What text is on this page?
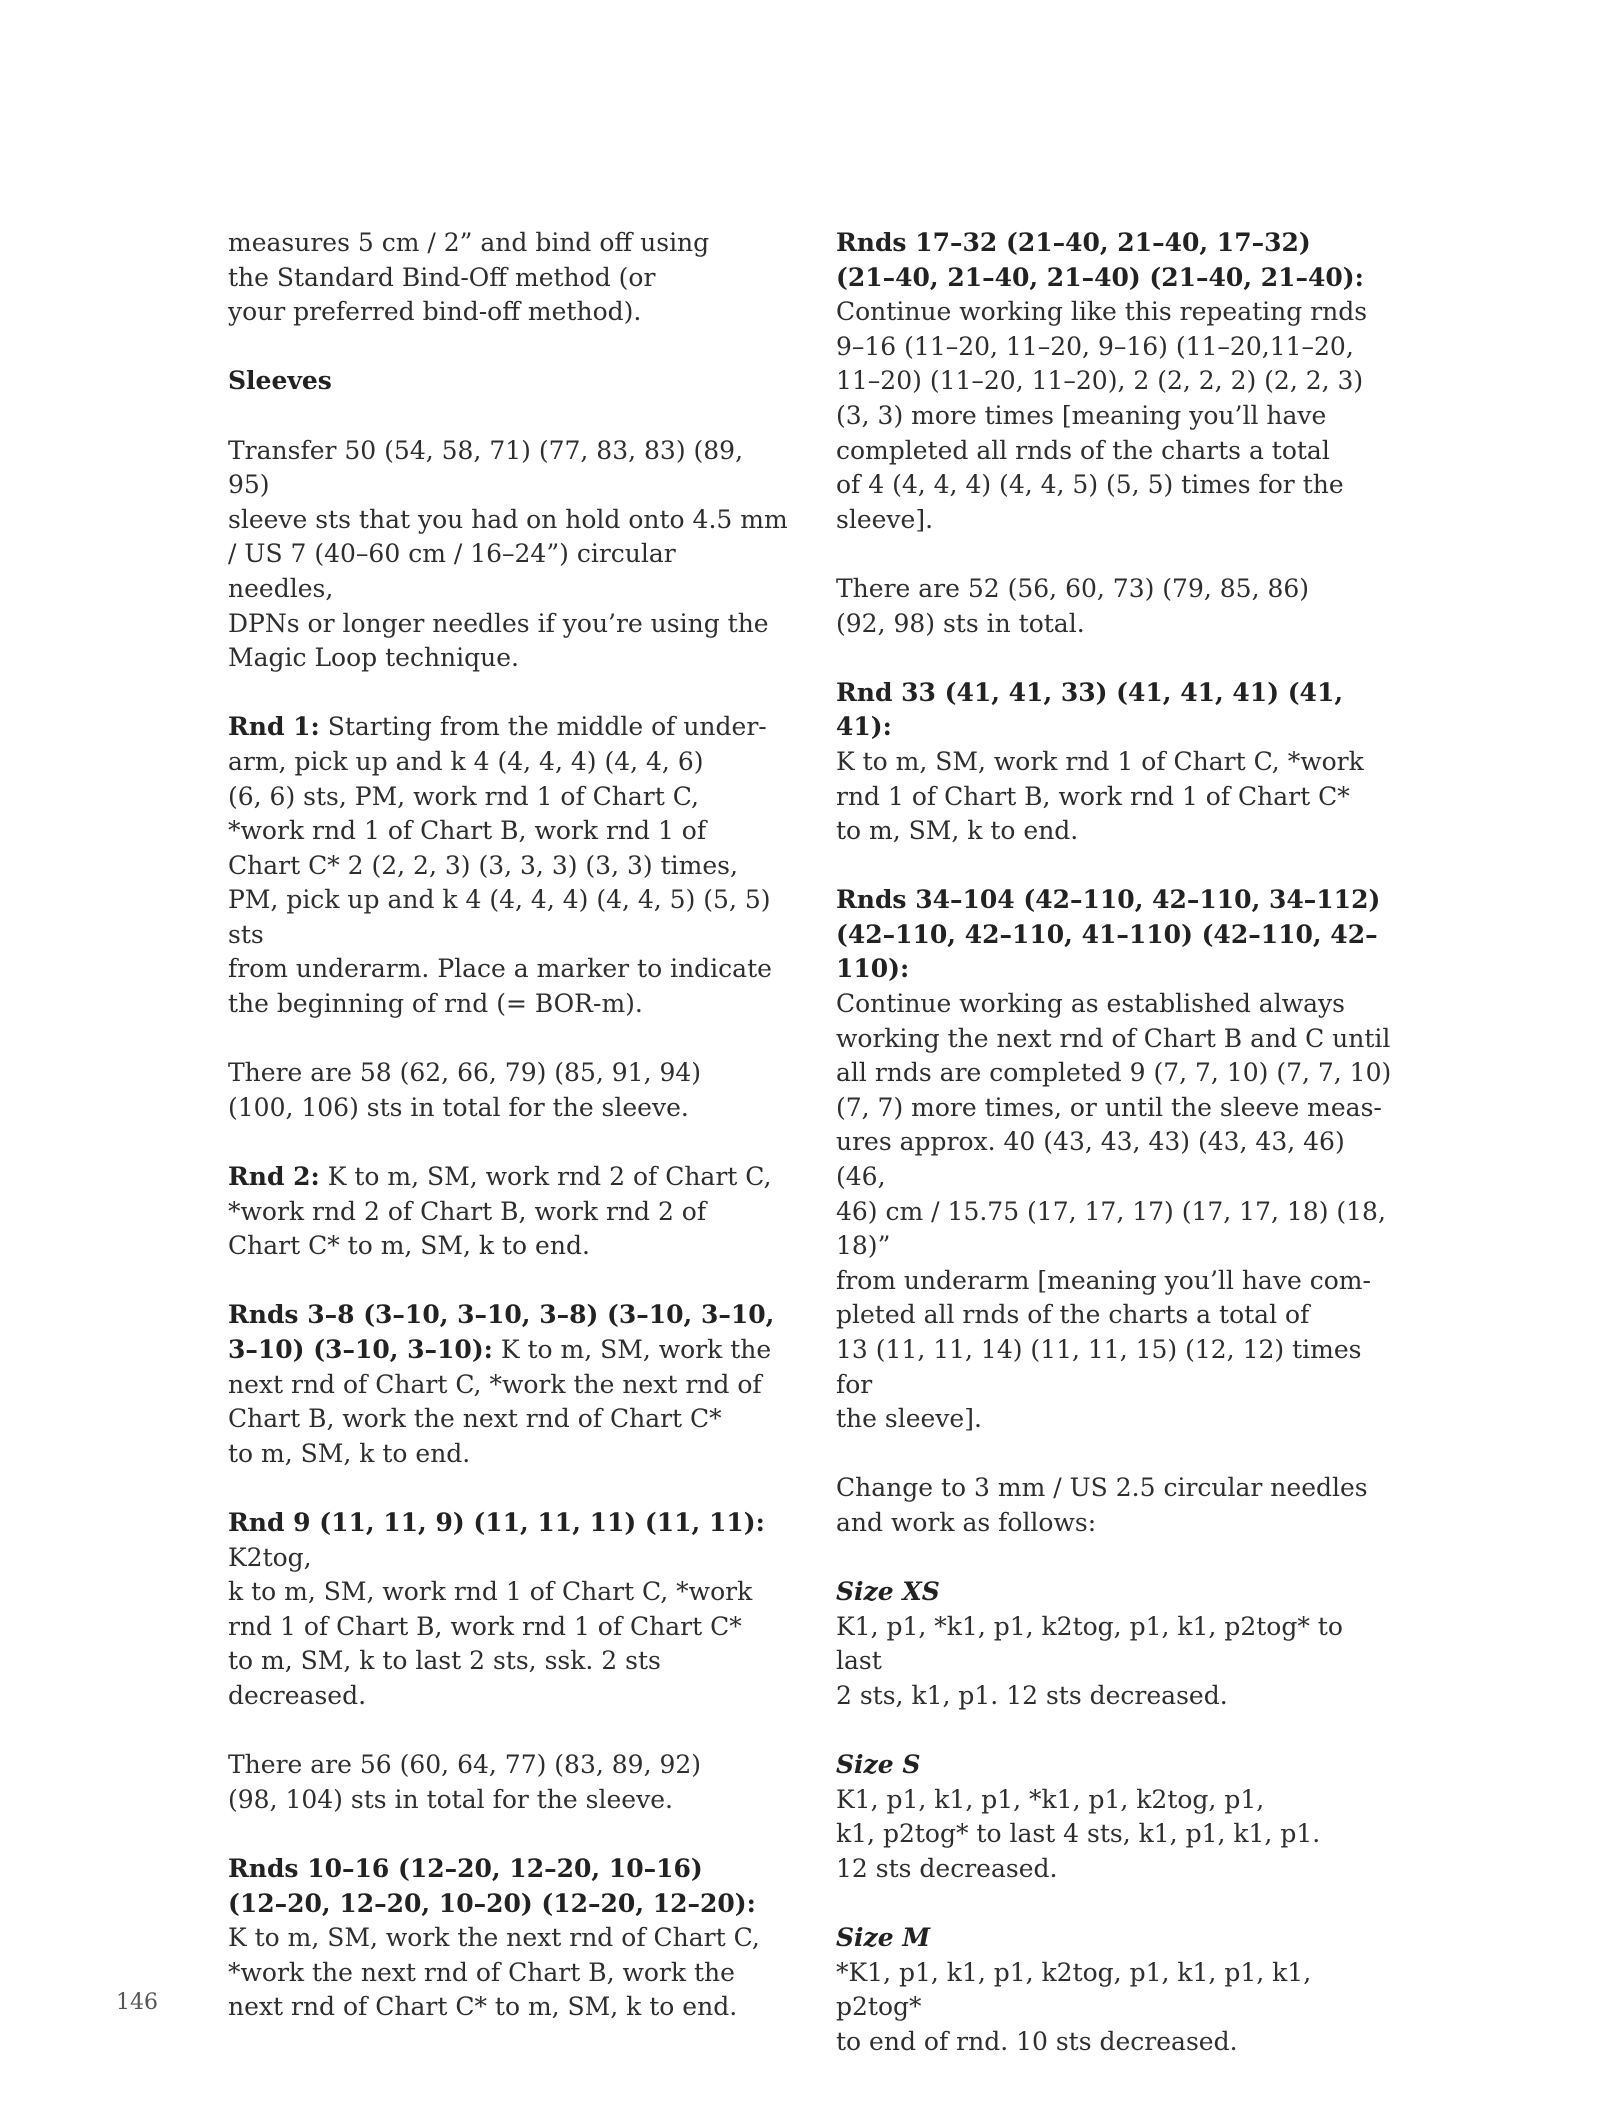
measures 5 cm / 2” and bind off using
the Standard Bind-Off method (or
your preferred bind-off method).

Sleeves

Transfer 50 (54, 58, 71) (77, 83, 83) (89, 95)
sleeve sts that you had on hold onto 4.5 mm
/ US 7 (40–60 cm / 16–24”) circular needles,
DPNs or longer needles if you’re using the
Magic Loop technique.

Rnd 1: Starting from the middle of under-
arm, pick up and k 4 (4, 4, 4) (4, 4, 6)
(6, 6) sts, PM, work rnd 1 of Chart C,
*work rnd 1 of Chart B, work rnd 1 of
Chart C* 2 (2, 2, 3) (3, 3, 3) (3, 3) times,
PM, pick up and k 4 (4, 4, 4) (4, 4, 5) (5, 5) sts
from underarm. Place a marker to indicate
the beginning of rnd (= BOR-m).

There are 58 (62, 66, 79) (85, 91, 94)
(100, 106) sts in total for the sleeve.

Rnd 2: K to m, SM, work rnd 2 of Chart C,
*work rnd 2 of Chart B, work rnd 2 of
Chart C* to m, SM, k to end.

Rnds 3–8 (3–10, 3–10, 3–8) (3–10, 3–10,
3–10) (3–10, 3–10): K to m, SM, work the
next rnd of Chart C, *work the next rnd of
Chart B, work the next rnd of Chart C*
to m, SM, k to end.

Rnd 9 (11, 11, 9) (11, 11, 11) (11, 11): K2tog,
k to m, SM, work rnd 1 of Chart C, *work
rnd 1 of Chart B, work rnd 1 of Chart C*
to m, SM, k to last 2 sts, ssk. 2 sts decreased.

There are 56 (60, 64, 77) (83, 89, 92)
(98, 104) sts in total for the sleeve.

Rnds 10–16 (12–20, 12–20, 10–16)
(12–20, 12–20, 10–20) (12–20, 12–20):
K to m, SM, work the next rnd of Chart C,
*work the next rnd of Chart B, work the
next rnd of Chart C* to m, SM, k to end.

Rnds 17–32 (21–40, 21–40, 17–32)
(21–40, 21–40, 21–40) (21–40, 21–40):
Continue working like this repeating rnds
9–16 (11–20, 11–20, 9–16) (11–20,11–20,
11–20) (11–20, 11–20), 2 (2, 2, 2) (2, 2, 3)
(3, 3) more times [meaning you’ll have
completed all rnds of the charts a total
of 4 (4, 4, 4) (4, 4, 5) (5, 5) times for the
sleeve].

There are 52 (56, 60, 73) (79, 85, 86)
(92, 98) sts in total.

Rnd 33 (41, 41, 33) (41, 41, 41) (41, 41):
K to m, SM, work rnd 1 of Chart C, *work
rnd 1 of Chart B, work rnd 1 of Chart C*
to m, SM, k to end.

Rnds 34–104 (42–110, 42–110, 34–112)
(42–110, 42–110, 41–110) (42–110, 42–110):
Continue working as established always
working the next rnd of Chart B and C until
all rnds are completed 9 (7, 7, 10) (7, 7, 10)
(7, 7) more times, or until the sleeve meas-
ures approx. 40 (43, 43, 43) (43, 43, 46) (46,
46) cm / 15.75 (17, 17, 17) (17, 17, 18) (18, 18)”
from underarm [meaning you’ll have com-
pleted all rnds of the charts a total of
13 (11, 11, 14) (11, 11, 15) (12, 12) times for
the sleeve].

Change to 3 mm / US 2.5 circular needles
and work as follows:

Size XS

K1, p1, *k1, p1, k2tog, p1, k1, p2tog* to last
2 sts, k1, p1. 12 sts decreased.

Size S

K1, p1, k1, p1, *k1, p1, k2tog, p1,
k1, p2tog* to last 4 sts, k1, p1, k1, p1.
12 sts decreased.

Size M

*K1, p1, k1, p1, k2tog, p1, k1, p1, k1, p2tog*
to end of rnd. 10 sts decreased.

146
